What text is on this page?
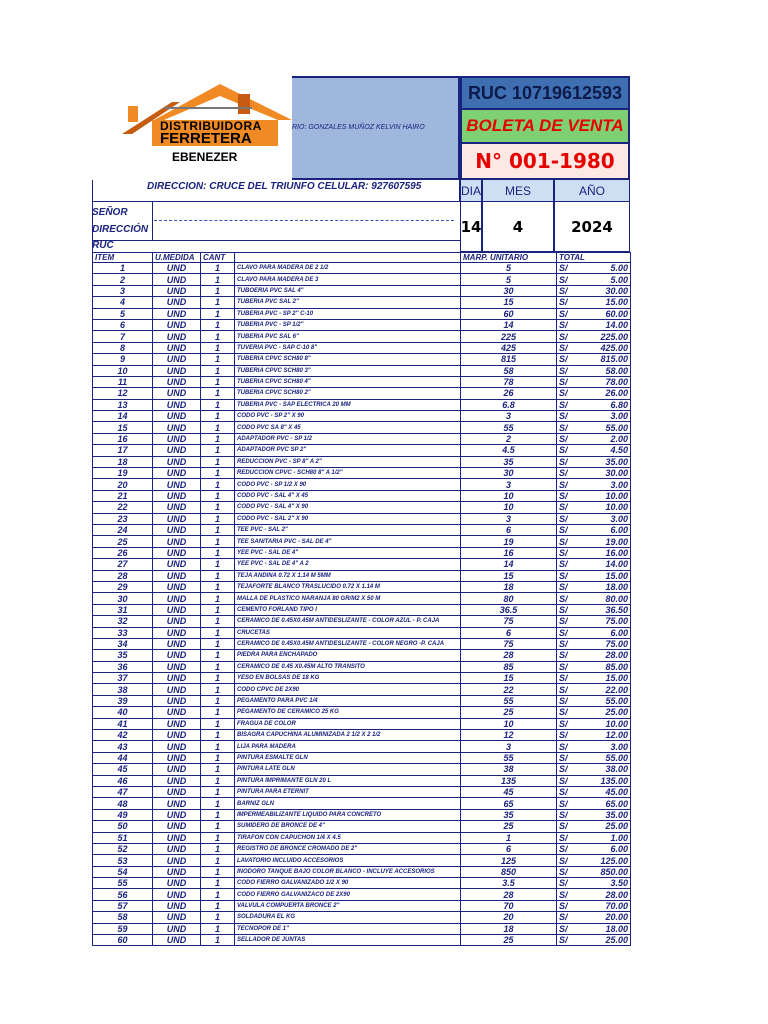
DISTRIBUIDORA
FERRETERA
EBENEZER
RIO: GONZALES MUÑOZ KELVIN HAIRO
RUC 10719612593
BOLETA DE VENTA
N° 001-1980
DIRECCION: CRUCE DEL TRIUNFO CELULAR: 927607595	DIA	MES	AÑO
14	4	2024
SEÑOR
DIRECCIÓN
RUC
ITEM	U.MEDIDA	CANT		MARP. UNITARIO	TOTAL	
1	UND	1	CLAVO PARA MADERA DE 2 1/2	5	S/	5.00
2	UND	1	CLAVO PARA MADERA DE 3	5	S/	5.00
3	UND	1	TUBOERIA PVC SAL 4"	30	S/	30.00
4	UND	1	TUBERIA PVC SAL 2"	15	S/	15.00
5	UND	1	TUBERIA PVC - SP 2" C-10	60	S/	60.00
6	UND	1	TUBERIA PVC - SP 1/2"	14	S/	14.00
7	UND	1	TUBERIA PVC SAL 6"	225	S/	225.00
8	UND	1	TUVERIA PVC - SAP C-10 8"	425	S/	425.00
9	UND	1	TUBERIA CPVC SCH80 8"	815	S/	815.00
10	UND	1	TUBERIA CPVC SCH80 3"	58	S/	58.00
11	UND	1	TUBERIA CPVC SCH80 4"	78	S/	78.00
12	UND	1	TUBERIA CPVC SCH80 2"	26	S/	26.00
13	UND	1	TUBERIA PVC - SAP ELECTRICA 20 MM	6.8	S/	6.80
14	UND	1	CODO PVC - SP 2" X 90	3	S/	3.00
15	UND	1	CODO PVC SA 8" X 45	55	S/	55.00
16	UND	1	ADAPTADOR PVC - SP 1/2	2	S/	2.00
17	UND	1	ADAPTADOR PVC SP 2"	4.5	S/	4.50
18	UND	1	REDUCCION PVC - SP 8" A 2"	35	S/	35.00
19	UND	1	REDUCCION CPVC - SCH80 8" A 1/2"	30	S/	30.00
20	UND	1	CODO PVC - SP 1/2 X 90	3	S/	3.00
21	UND	1	CODO PVC - SAL 4" X 45	10	S/	10.00
22	UND	1	CODO PVC - SAL 4" X 90	10	S/	10.00
23	UND	1	CODO PVC - SAL 2" X 90	3	S/	3.00
24	UND	1	TEE PVC - SAL 2"	6	S/	6.00
25	UND	1	TEE SANITARIA PVC - SAL DE 4"	19	S/	19.00
26	UND	1	YEE PVC - SAL DE 4"	16	S/	16.00
27	UND	1	YEE PVC - SAL DE 4" A 2	14	S/	14.00
28	UND	1	TEJA ANDINA 0.72 X 1.14 M 5MM	15	S/	15.00
29	UND	1	TEJAFORTE BLANCO TRASLUCIDO 0.72 X 1.14 M	18	S/	18.00
30	UND	1	MALLA DE PLASTICO NARANJA 80 GR/M2 X 50 M	80	S/	80.00
31	UND	1	CEMENTO FORLAND TIPO I	36.5	S/	36.50
32	UND	1	CERAMICO DE 0.45X0.45M ANTIDESLIZANTE - COLOR AZUL - P. CAJA	75	S/	75.00
33	UND	1	CRUCETAS	6	S/	6.00
34	UND	1	CERAMICO DE 0.45X0.45M ANTIDESLIZANTE - COLOR NEGRO -P. CAJA	75	S/	75.00
35	UND	1	PIEDRA PARA ENCHAPADO	28	S/	28.00
36	UND	1	CERAMICO DE 0.45 X0.45M ALTO TRANSITO	85	S/	85.00
37	UND	1	YESO EN BOLSAS DE 18 KG	15	S/	15.00
38	UND	1	CODO CPVC DE 2X90	22	S/	22.00
39	UND	1	PEGAMENTO PARA PVC 1/4	55	S/	55.00
40	UND	1	PEGAMENTO DE CERAMICO 25 KG	25	S/	25.00
41	UND	1	FRAGUA DE COLOR	10	S/	10.00
42	UND	1	BISAGRA CAPUCHINA ALUMINIZADA 2 1/2 X 2 1/2	12	S/	12.00
43	UND	1	LIJA PARA MADERA	3	S/	3.00
44	UND	1	PINTURA ESMALTE GLN	55	S/	55.00
45	UND	1	PINTURA LATE GLN	38	S/	38.00
46	UND	1	PINTURA IMPRIMANTE GLN 20 L	135	S/	135.00
47	UND	1	PINTURA PARA ETERNIT	45	S/	45.00
48	UND	1	BARNIZ GLN	65	S/	65.00
49	UND	1	IMPERMEABILIZANTE LIQUIDO PARA CONCRETO	35	S/	35.00
50	UND	1	SUMIDERO DE BRONCE DE 4"	25	S/	25.00
51	UND	1	TIRAFON CON CAPUCHON 1/4 X 4.5	1	S/	1.00
52	UND	1	REGISTRO DE BRONCE CROMADO DE 2"	6	S/	6.00
53	UND	1	LAVATORIO INCLUIDO ACCESORIOS	125	S/	125.00
54	UND	1	INODORO TANQUE BAJO COLOR BLANCO - INCLUYE ACCESORIOS	850	S/	850.00
55	UND	1	CODO FIERRO GALVANIZADO 1/2 X 90	3.5	S/	3.50
56	UND	1	CODO FIERRO GALVANIZACO DE 2X90	28	S/	28.00
57	UND	1	VALVULA COMPUERTA BRONCE 2"	70	S/	70.00
58	UND	1	SOLDADURA EL KG	20	S/	20.00
59	UND	1	TECNOPOR DE 1"	18	S/	18.00
60	UND	1	SELLADOR DE JUNTAS	25	S/	25.00
